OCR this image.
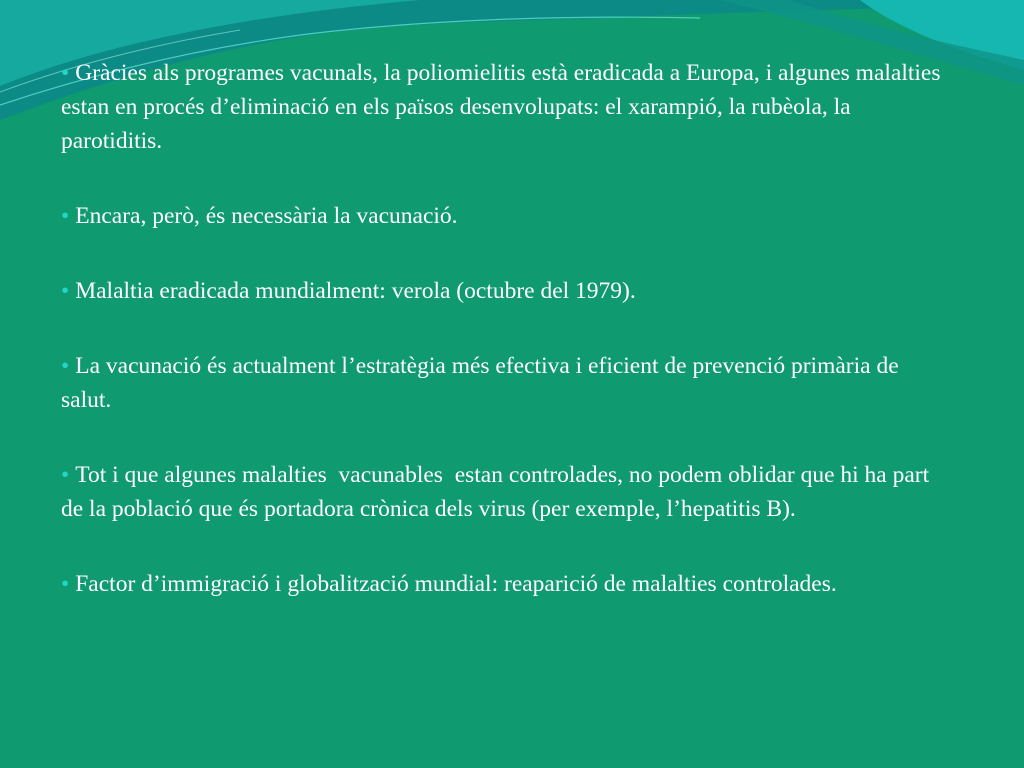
• Gràcies als programes vacunals, la poliomielitis està eradicada a Europa, i algunes malalties estan en procés d’eliminació en els països desenvolupats: el xarampió, la rubèola, la parotiditis.
• Encara, però, és necessària la vacunació.
• Malaltia eradicada mundialment: verola (octubre del 1979).
• La vacunació és actualment l’estratègia més efectiva i eficient de prevenció primària de salut.
• Tot i que algunes malalties  vacunables  estan controlades, no podem oblidar que hi ha part de la població que és portadora crònica dels virus (per exemple, l’hepatitis B).
• Factor d’immigració i globalització mundial: reaparició de malalties controlades.
